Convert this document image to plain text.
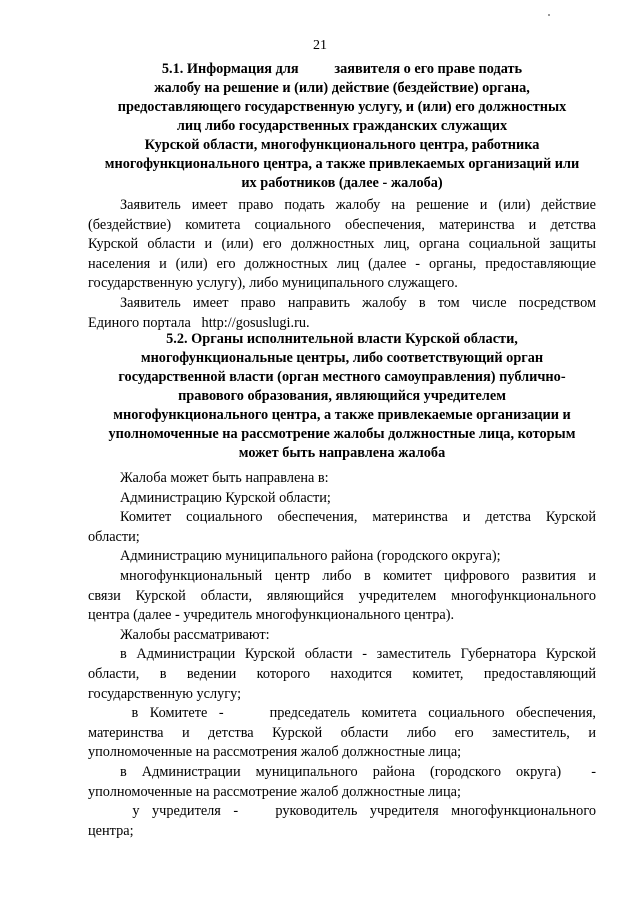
21
5.1. Информация для          заявителя о его праве подать
жалобу на решение и (или) действие (бездействие) органа,
предоставляющего государственную услугу, и (или) его должностных
лиц либо государственных гражданских служащих
Курской области, многофункционального центра, работника
многофункционального центра, а также привлекаемых организаций или
их работников (далее - жалоба)
Заявитель имеет право подать жалобу на решение и (или) действие
(бездействие) комитета социального обеспечения, материнства и детства
Курской области и (или) его должностных лиц, органа социальной защиты
населения и (или) его должностных лиц (далее - органы, предоставляющие
государственную услугу), либо муниципального служащего.
Заявитель имеет право направить жалобу в том числе посредством
Единого портала   http://gosuslugi.ru.
5.2. Органы исполнительной власти Курской области,
многофункциональные центры, либо соответствующий орган
государственной власти (орган местного самоуправления) публично-
правового образования, являющийся учредителем
многофункционального центра, а также привлекаемые организации и
уполномоченные на рассмотрение жалобы должностные лица, которым
может быть направлена жалоба
Жалоба может быть направлена в:
Администрацию Курской области;
Комитет социального обеспечения, материнства и детства Курской
области;
Администрацию муниципального района (городского округа);
многофункциональный центр либо в комитет цифрового развития и
связи Курской области, являющийся учредителем многофункционального
центра (далее - учредитель многофункционального центра).
Жалобы рассматривают:
в Администрации Курской области - заместитель Губернатора Курской
области, в ведении которого находится комитет, предоставляющий
государственную услугу;
в Комитете -    председатель комитета социального обеспечения,
материнства и детства Курской области либо его заместитель, и
уполномоченные на рассмотрения жалоб должностные лица;
в Администрации муниципального района (городского округа)  -
уполномоченные на рассмотрение жалоб должностные лица;
у учредителя -   руководитель учредителя многофункционального
центра;
